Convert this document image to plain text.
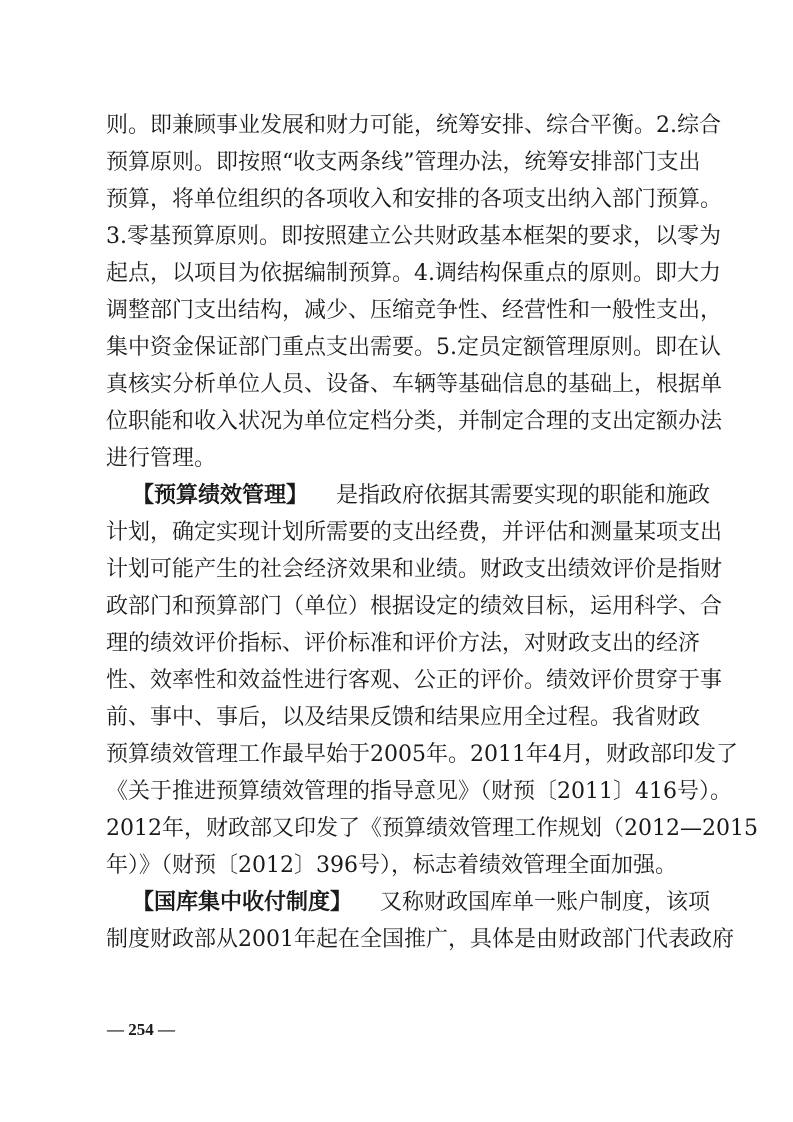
则。即兼顾事业发展和财力可能，统筹安排、综合平衡。2.综合
预算原则。即按照“收支两条线”管理办法，统筹安排部门支出
预算，将单位组织的各项收入和安排的各项支出纳入部门预算。
3.零基预算原则。即按照建立公共财政基本框架的要求，以零为
起点，以项目为依据编制预算。4.调结构保重点的原则。即大力
调整部门支出结构，减少、压缩竞争性、经营性和一般性支出，
集中资金保证部门重点支出需要。5.定员定额管理原则。即在认
真核实分析单位人员、设备、车辆等基础信息的基础上，根据单
位职能和收入状况为单位定档分类，并制定合理的支出定额办法
进行管理。
【预算绩效管理】 是指政府依据其需要实现的职能和施政
计划，确定实现计划所需要的支出经费，并评估和测量某项支出
计划可能产生的社会经济效果和业绩。财政支出绩效评价是指财
政部门和预算部门（单位）根据设定的绩效目标，运用科学、合
理的绩效评价指标、评价标准和评价方法，对财政支出的经济
性、效率性和效益性进行客观、公正的评价。绩效评价贯穿于事
前、事中、事后，以及结果反馈和结果应用全过程。我省财政
预算绩效管理工作最早始于2005年。2011年4月，财政部印发了
《关于推进预算绩效管理的指导意见》（财预〔2011〕416号）。
2012年，财政部又印发了《预算绩效管理工作规划（2012—2015
年）》（财预〔2012〕396号），标志着绩效管理全面加强。
【国库集中收付制度】 又称财政国库单一账户制度，该项
制度财政部从2001年起在全国推广，具体是由财政部门代表政府
— 254 —
